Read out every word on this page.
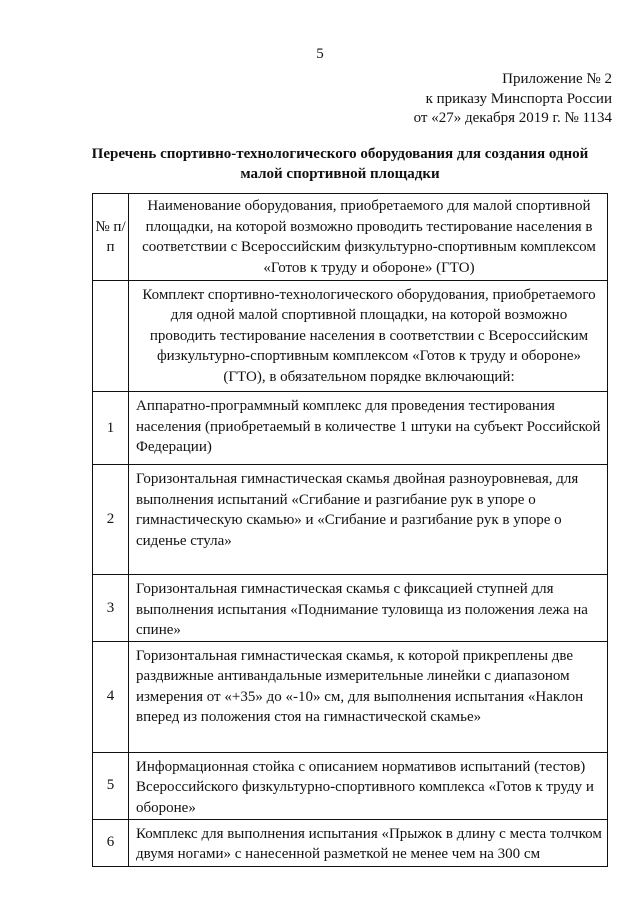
5
Приложение № 2
к приказу Минспорта России
от «27» декабря 2019 г. № 1134
Перечень спортивно-технологического оборудования для создания одной
малой спортивной площадки
№ п/п	Наименование оборудования, приобретаемого для малой спортивной площадки, на которой возможно проводить тестирование населения в соответствии с Всероссийским физкультурно-спортивным комплексом «Готов к труду и обороне» (ГТО)
	Комплект спортивно-технологического оборудования, приобретаемого для одной малой спортивной площадки, на которой возможно проводить тестирование населения в соответствии с Всероссийским физкультурно-спортивным комплексом «Готов к труду и обороне» (ГТО), в обязательном порядке включающий:
1	Аппаратно-программный комплекс для проведения тестирования населения (приобретаемый в количестве 1 штуки на субъект Российской Федерации)

2	Горизонтальная гимнастическая скамья двойная разноуровневая, для выполнения испытаний «Сгибание и разгибание рук в упоре о гимнастическую скамью» и «Сгибание и разгибание рук в упоре о сиденье стула»

3	Горизонтальная гимнастическая скамья с фиксацией ступней для выполнения испытания «Поднимание туловища из положения лежа на спине»

4	Горизонтальная гимнастическая скамья, к которой прикреплены две раздвижные антивандальные измерительные линейки с диапазоном измерения от «+35» до «-10» см, для выполнения испытания «Наклон вперед из положения стоя на гимнастической скамье»

5	Информационная стойка с описанием нормативов испытаний (тестов) Всероссийского физкультурно-спортивного комплекса «Готов к труду и обороне»

6	Комплекс для выполнения испытания «Прыжок в длину с места толчком двумя ногами» с нанесенной разметкой не менее чем на 300 см
